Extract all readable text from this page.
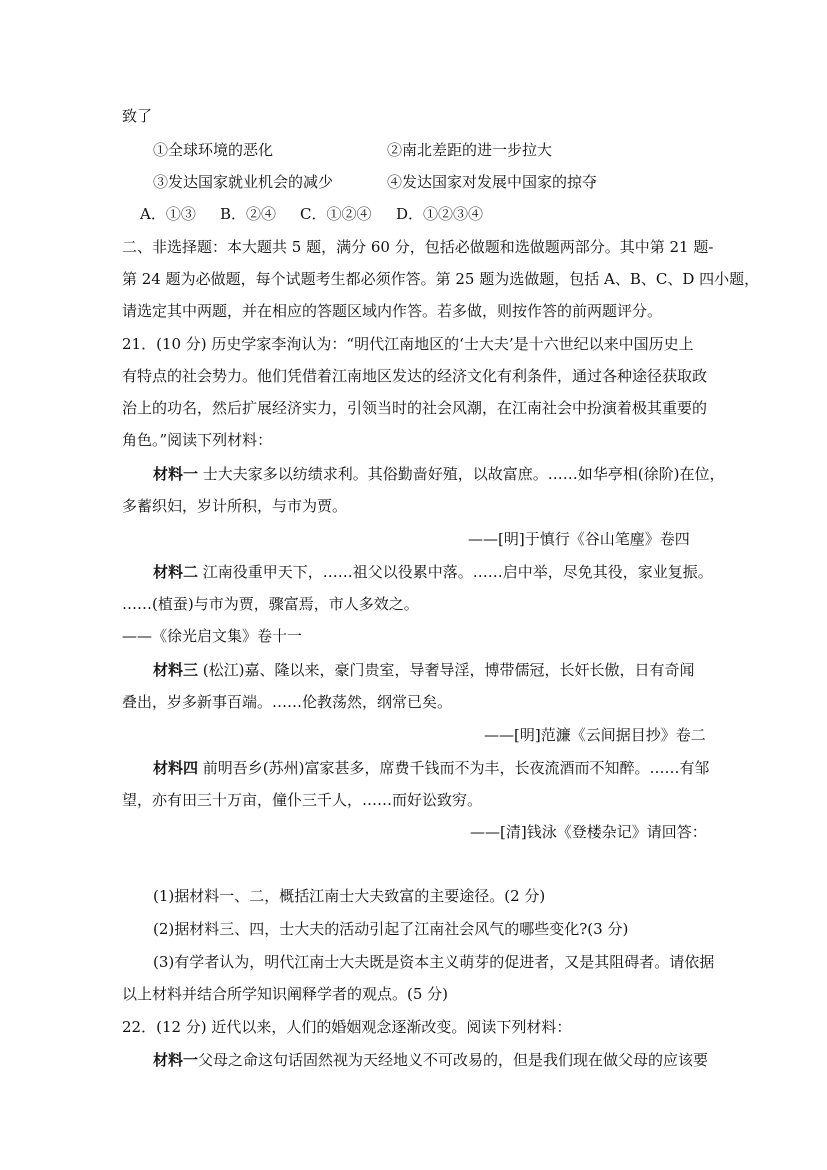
致了
①全球环境的恶化	②南北差距的进一步拉大
③发达国家就业机会的减少	④发达国家对发展中国家的掠夺
A．①③ B．②④ C．①②④ D．①②③④
二、非选择题：本大题共 5 题，满分 60 分，包括必做题和选做题两部分。其中第 21 题-
第 24 题为必做题，每个试题考生都必须作答。第 25 题为选做题，包括 A、B、C、D 四小题，
请选定其中两题，并在相应的答题区域内作答。若多做，则按作答的前两题评分。
21．(10 分) 历史学家李洵认为：“明代江南地区的‘士大夫’是十六世纪以来中国历史上
有特点的社会势力。他们凭借着江南地区发达的经济文化有利条件，通过各种途径获取政
治上的功名，然后扩展经济实力，引领当时的社会风潮，在江南社会中扮演着极其重要的
角色。”阅读下列材料：
材料一 士大夫家多以纺绩求利。其俗勤啬好殖，以故富庶。……如华亭相(徐阶)在位，
多蓄织妇，岁计所积，与市为贾。
——[明]于慎行《谷山笔麈》卷四
材料二 江南役重甲天下，……祖父以役累中落。……启中举，尽免其役，家业复振。
……(植蚕)与市为贾，骤富焉，市人多效之。
——《徐光启文集》卷十一
材料三 (松江)嘉、隆以来，豪门贵室，导奢导淫，博带儒冠，长奸长傲，日有奇闻
叠出，岁多新事百端。……伦教荡然，纲常已矣。
——[明]范濂《云间据目抄》卷二
材料四 前明吾乡(苏州)富家甚多，席费千钱而不为丰，长夜流酒而不知醉。……有邹
望，亦有田三十万亩，僮仆三千人，……而好讼致穷。
——[清]钱泳《登楼杂记》请回答：
(1)据材料一、二，概括江南士大夫致富的主要途径。(2 分)
(2)据材料三、四，士大夫的活动引起了江南社会风气的哪些变化?(3 分)
(3)有学者认为，明代江南士大夫既是资本主义萌芽的促进者，又是其阻碍者。请依据
以上材料并结合所学知识阐释学者的观点。(5 分)
22．(12 分) 近代以来，人们的婚姻观念逐渐改变。阅读下列材料：
材料一父母之命这句话固然视为天经地义不可改易的，但是我们现在做父母的应该要
